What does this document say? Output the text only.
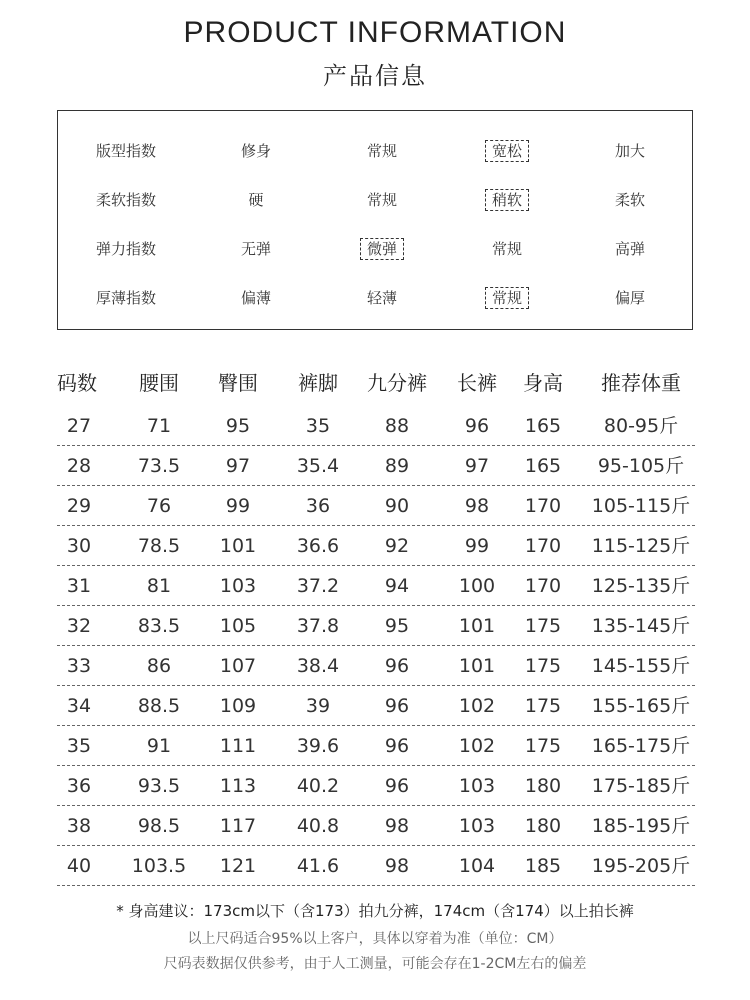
PRODUCT INFORMATION
产品信息
版型指数	修身	常规	宽松	加大
柔软指数	硬	常规	稍软	柔软
弹力指数	无弹	微弹	常规	高弹
厚薄指数	偏薄	轻薄	常规	偏厚
码数	腰围	臀围	裤脚	九分裤	长裤	身高	推荐体重
27	71	95	35	88	96	165	80-95斤
28	73.5	97	35.4	89	97	165	95-105斤
29	76	99	36	90	98	170	105-115斤
30	78.5	101	36.6	92	99	170	115-125斤
31	81	103	37.2	94	100	170	125-135斤
32	83.5	105	37.8	95	101	175	135-145斤
33	86	107	38.4	96	101	175	145-155斤
34	88.5	109	39	96	102	175	155-165斤
35	91	111	39.6	96	102	175	165-175斤
36	93.5	113	40.2	96	103	180	175-185斤
38	98.5	117	40.8	98	103	180	185-195斤
40	103.5	121	41.6	98	104	185	195-205斤
* 身高建议：173cm以下（含173）拍九分裤，174cm（含174）以上拍长裤
以上尺码适合95%以上客户，具体以穿着为准（单位：CM）
尺码表数据仅供参考，由于人工测量，可能会存在1-2CM左右的偏差
